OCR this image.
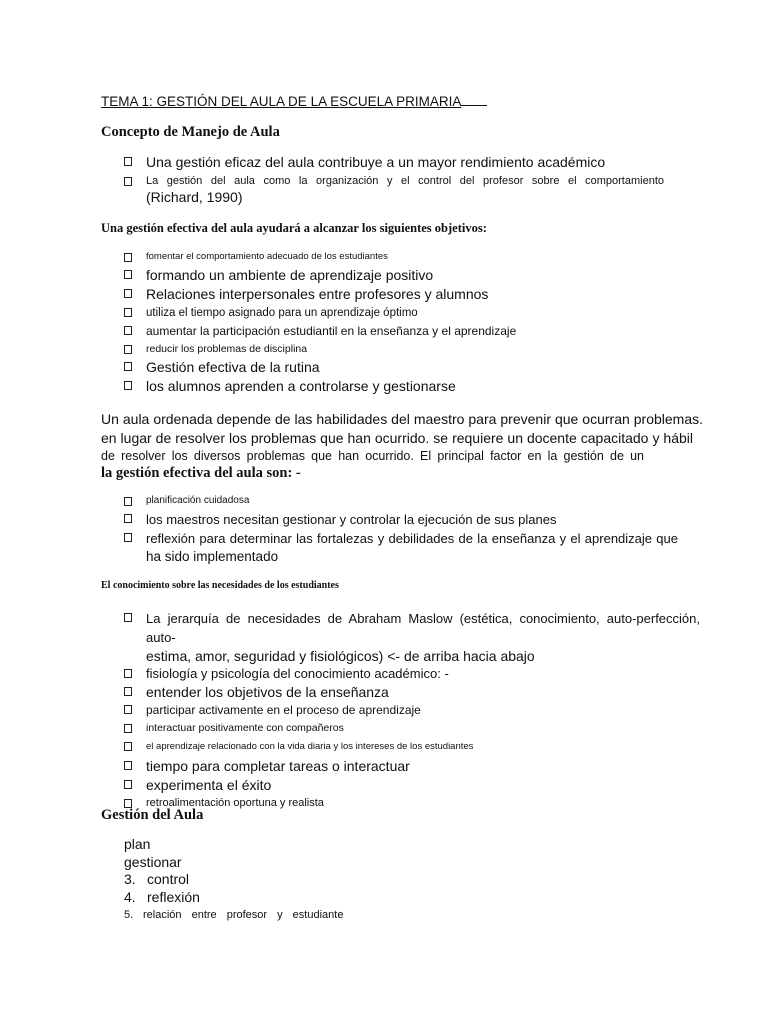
TEMA 1: GESTIÓN DEL AULA DE LA ESCUELA PRIMARIA
Concepto de Manejo de Aula
Una gestión eficaz del aula contribuye a un mayor rendimiento académico
La gestión del aula como la organización y el control del profesor sobre el comportamiento
(Richard, 1990)
Una gestión efectiva del aula ayudará a alcanzar los siguientes objetivos:
fomentar el comportamiento adecuado de los estudiantes
formando un ambiente de aprendizaje positivo
Relaciones interpersonales entre profesores y alumnos
utiliza el tiempo asignado para un aprendizaje óptimo
aumentar la participación estudiantil en la enseñanza y el aprendizaje
reducir los problemas de disciplina
Gestión efectiva de la rutina
los alumnos aprenden a controlarse y gestionarse
Un aula ordenada depende de las habilidades del maestro para prevenir que ocurran problemas.
en lugar de resolver los problemas que han ocurrido. se requiere un docente capacitado y hábil
de resolver los diversos problemas que han ocurrido. El principal factor en la gestión de un
la gestión efectiva del aula son: -
planificación cuidadosa
los maestros necesitan gestionar y controlar la ejecución de sus planes
reflexión para determinar las fortalezas y debilidades de la enseñanza y el aprendizaje que
ha sido implementado
El conocimiento sobre las necesidades de los estudiantes
La jerarquía de necesidades de Abraham Maslow (estética, conocimiento, auto-perfección, auto-
estima, amor, seguridad y fisiológicos) <- de arriba hacia abajo
fisiología y psicología del conocimiento académico: -
entender los objetivos de la enseñanza
participar activamente en el proceso de aprendizaje
interactuar positivamente con compañeros
el aprendizaje relacionado con la vida diaria y los intereses de los estudiantes
tiempo para completar tareas o interactuar
experimenta el éxito
retroalimentación oportuna y realista
Gestión del Aula
plan
gestionar
3. control
4. reflexión
5. relación entre profesor y estudiante
